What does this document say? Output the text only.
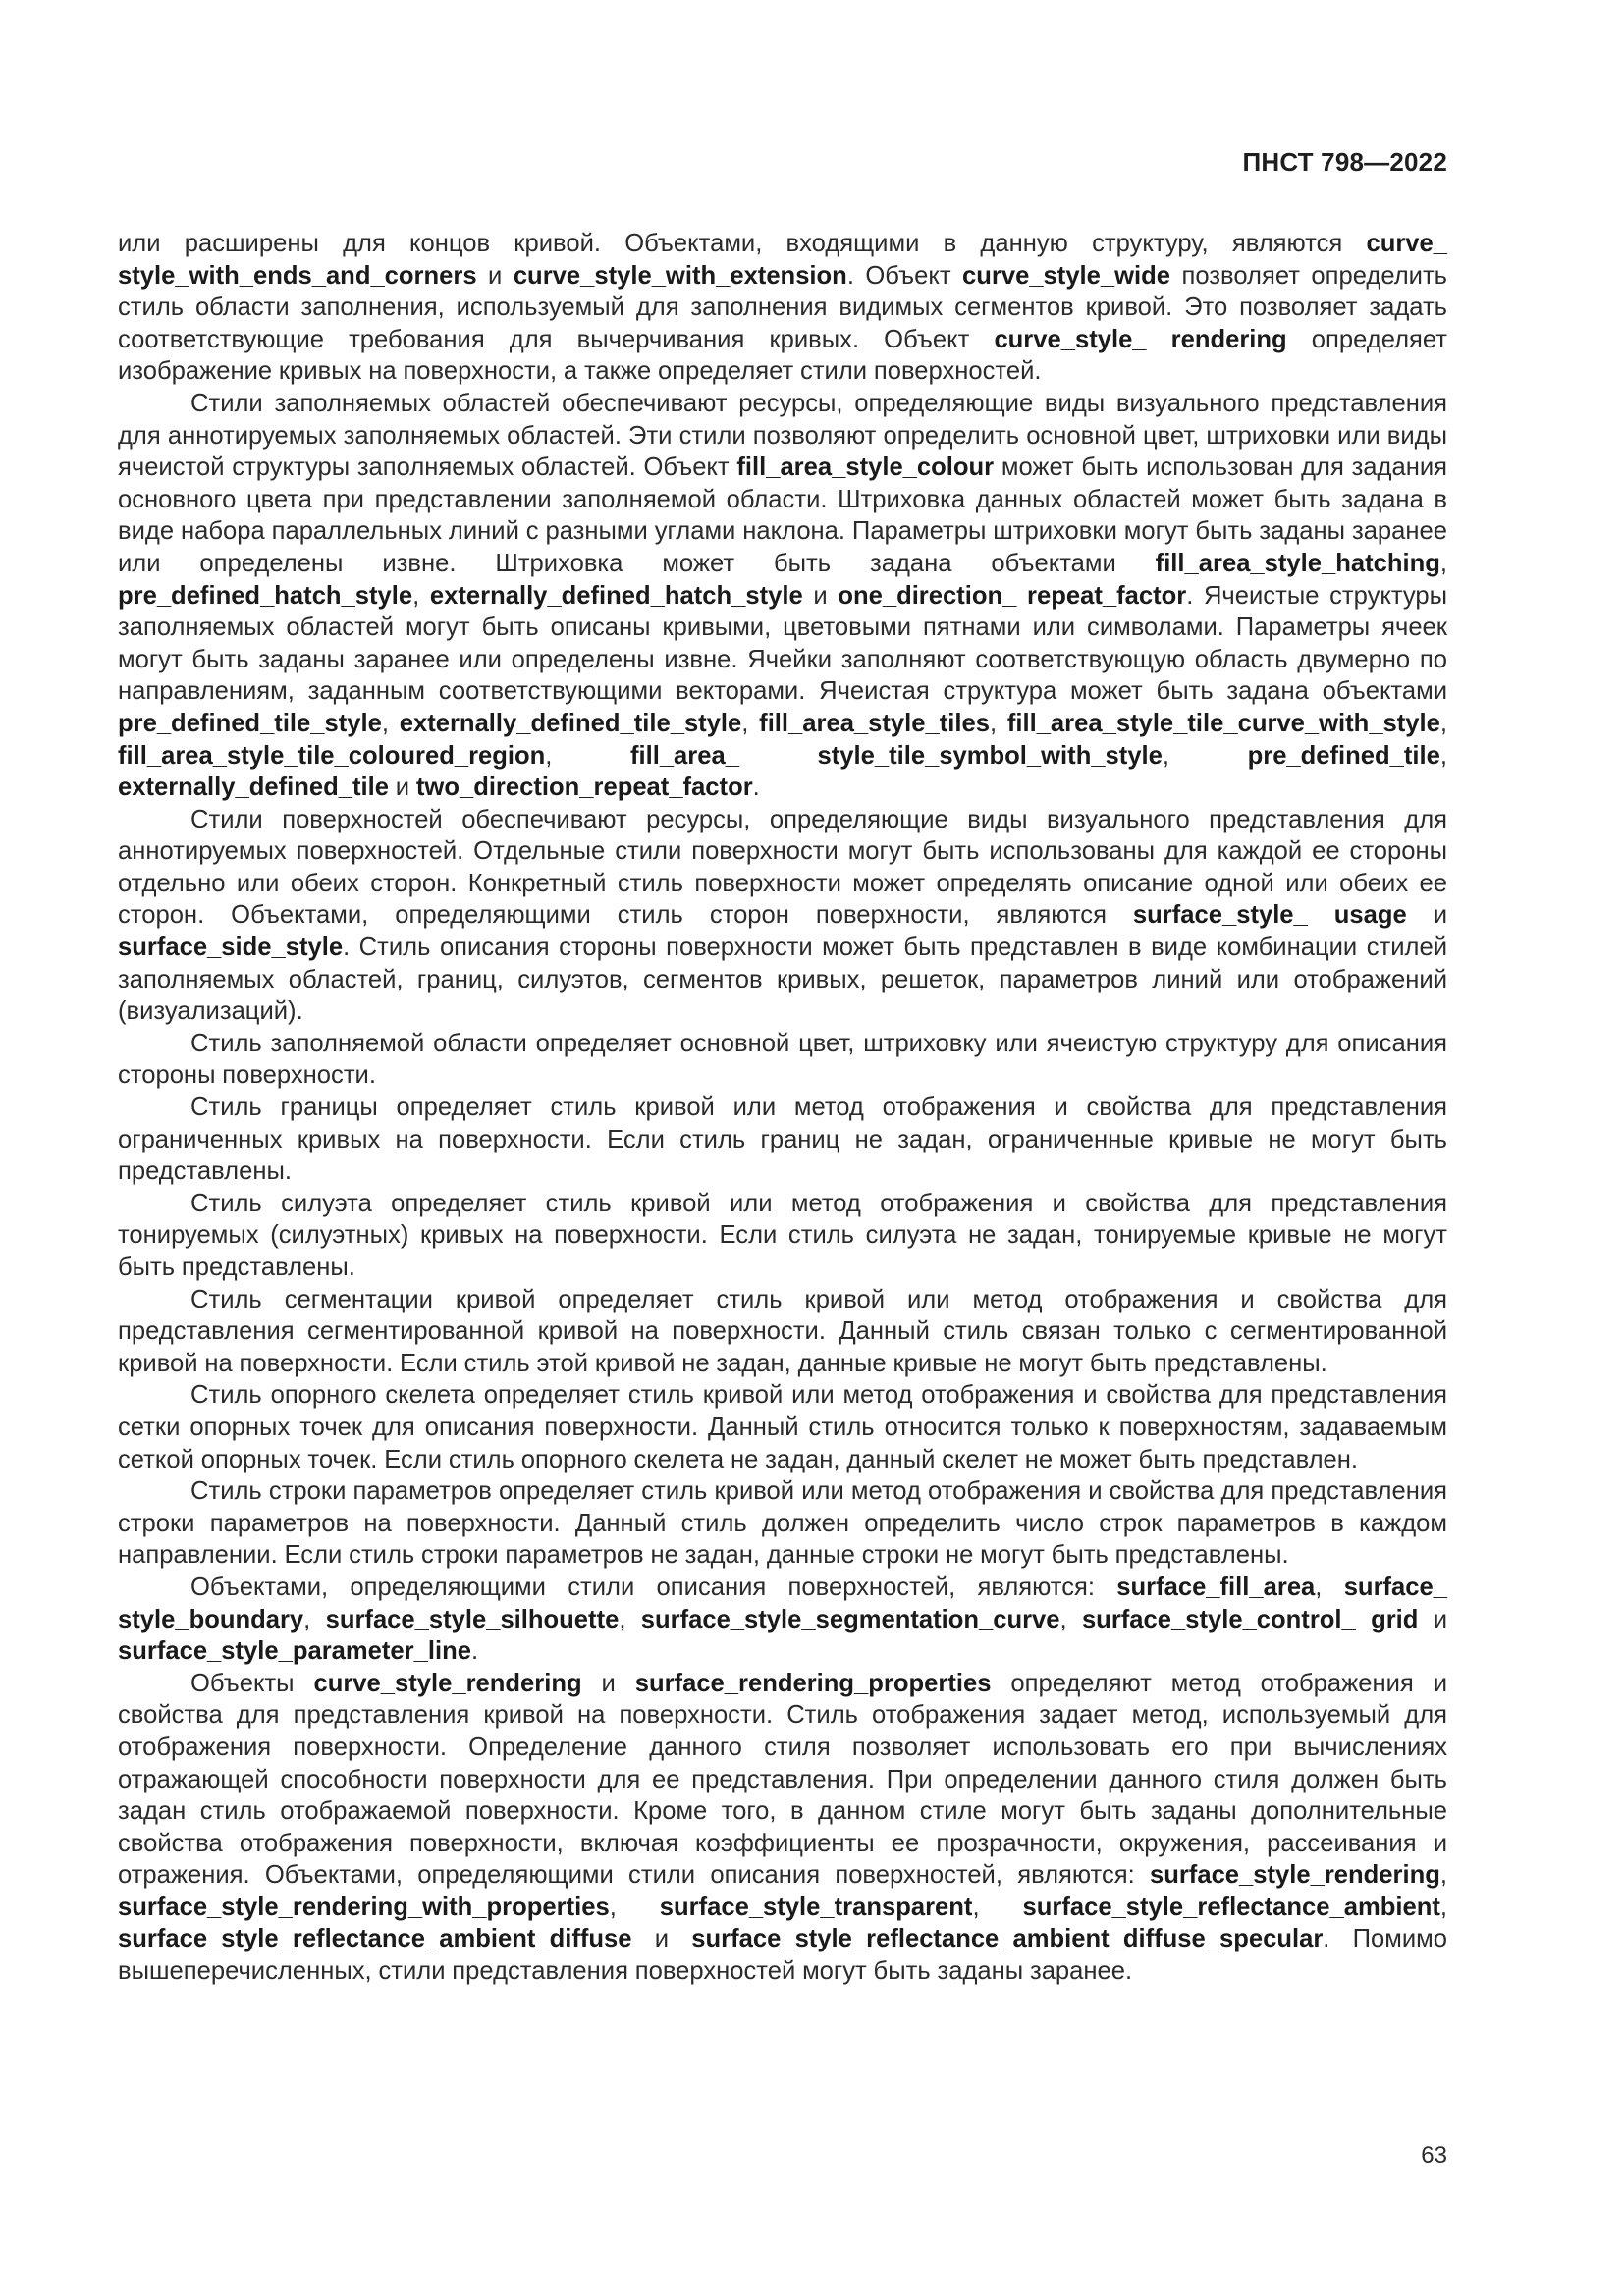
ПНСТ 798—2022

или расширены для концов кривой. Объектами, входящими в данную структуру, являются curve_ style_with_ends_and_corners и curve_style_with_extension. Объект curve_style_wide позволяет определить стиль области заполнения, используемый для заполнения видимых сегментов кривой. Это позволяет задать соответствующие требования для вычерчивания кривых. Объект curve_style_ rendering определяет изображение кривых на поверхности, а также определяет стили поверхностей.

Стили заполняемых областей обеспечивают ресурсы, определяющие виды визуального представления для аннотируемых заполняемых областей. Эти стили позволяют определить основной цвет, штриховки или виды ячеистой структуры заполняемых областей. Объект fill_area_style_colour может быть использован для задания основного цвета при представлении заполняемой области. Штриховка данных областей может быть задана в виде набора параллельных линий с разными углами наклона. Параметры штриховки могут быть заданы заранее или определены извне. Штриховка может быть задана объектами fill_area_style_hatching, pre_defined_hatch_style, externally_defined_hatch_style и one_direction_ repeat_factor. Ячеистые структуры заполняемых областей могут быть описаны кривыми, цветовыми пятнами или символами. Параметры ячеек могут быть заданы заранее или определены извне. Ячейки заполняют соответствующую область двумерно по направлениям, заданным соответствующими векторами. Ячеистая структура может быть задана объектами pre_defined_tile_style, externally_defined_tile_style, fill_area_style_tiles, fill_area_style_tile_curve_with_style, fill_area_style_tile_coloured_region, fill_area_ style_tile_symbol_with_style, pre_defined_tile, externally_defined_tile и two_direction_repeat_factor.

Стили поверхностей обеспечивают ресурсы, определяющие виды визуального представления для аннотируемых поверхностей. Отдельные стили поверхности могут быть использованы для каждой ее стороны отдельно или обеих сторон. Конкретный стиль поверхности может определять описание одной или обеих ее сторон. Объектами, определяющими стиль сторон поверхности, являются surface_style_ usage и surface_side_style. Стиль описания стороны поверхности может быть представлен в виде комбинации стилей заполняемых областей, границ, силуэтов, сегментов кривых, решеток, параметров линий или отображений (визуализаций).

Стиль заполняемой области определяет основной цвет, штриховку или ячеистую структуру для описания стороны поверхности.

Стиль границы определяет стиль кривой или метод отображения и свойства для представления ограниченных кривых на поверхности. Если стиль границ не задан, ограниченные кривые не могут быть представлены.

Стиль силуэта определяет стиль кривой или метод отображения и свойства для представления тонируемых (силуэтных) кривых на поверхности. Если стиль силуэта не задан, тонируемые кривые не могут быть представлены.

Стиль сегментации кривой определяет стиль кривой или метод отображения и свойства для представления сегментированной кривой на поверхности. Данный стиль связан только с сегментированной кривой на поверхности. Если стиль этой кривой не задан, данные кривые не могут быть представлены.

Стиль опорного скелета определяет стиль кривой или метод отображения и свойства для представления сетки опорных точек для описания поверхности. Данный стиль относится только к поверхностям, задаваемым сеткой опорных точек. Если стиль опорного скелета не задан, данный скелет не может быть представлен.

Стиль строки параметров определяет стиль кривой или метод отображения и свойства для представления строки параметров на поверхности. Данный стиль должен определить число строк параметров в каждом направлении. Если стиль строки параметров не задан, данные строки не могут быть представлены.

Объектами, определяющими стили описания поверхностей, являются: surface_fill_area, surface_ style_boundary, surface_style_silhouette, surface_style_segmentation_curve, surface_style_control_ grid и surface_style_parameter_line.

Объекты curve_style_rendering и surface_rendering_properties определяют метод отображения и свойства для представления кривой на поверхности. Стиль отображения задает метод, используемый для отображения поверхности. Определение данного стиля позволяет использовать его при вычислениях отражающей способности поверхности для ее представления. При определении данного стиля должен быть задан стиль отображаемой поверхности. Кроме того, в данном стиле могут быть заданы дополнительные свойства отображения поверхности, включая коэффициенты ее прозрачности, окружения, рассеивания и отражения. Объектами, определяющими стили описания поверхностей, являются: surface_style_rendering, surface_style_rendering_with_properties, surface_style_transparent, surface_style_reflectance_ambient, surface_style_reflectance_ambient_diffuse и surface_style_reflectance_ambient_diffuse_specular. Помимо вышеперечисленных, стили представления поверхностей могут быть заданы заранее.

63
